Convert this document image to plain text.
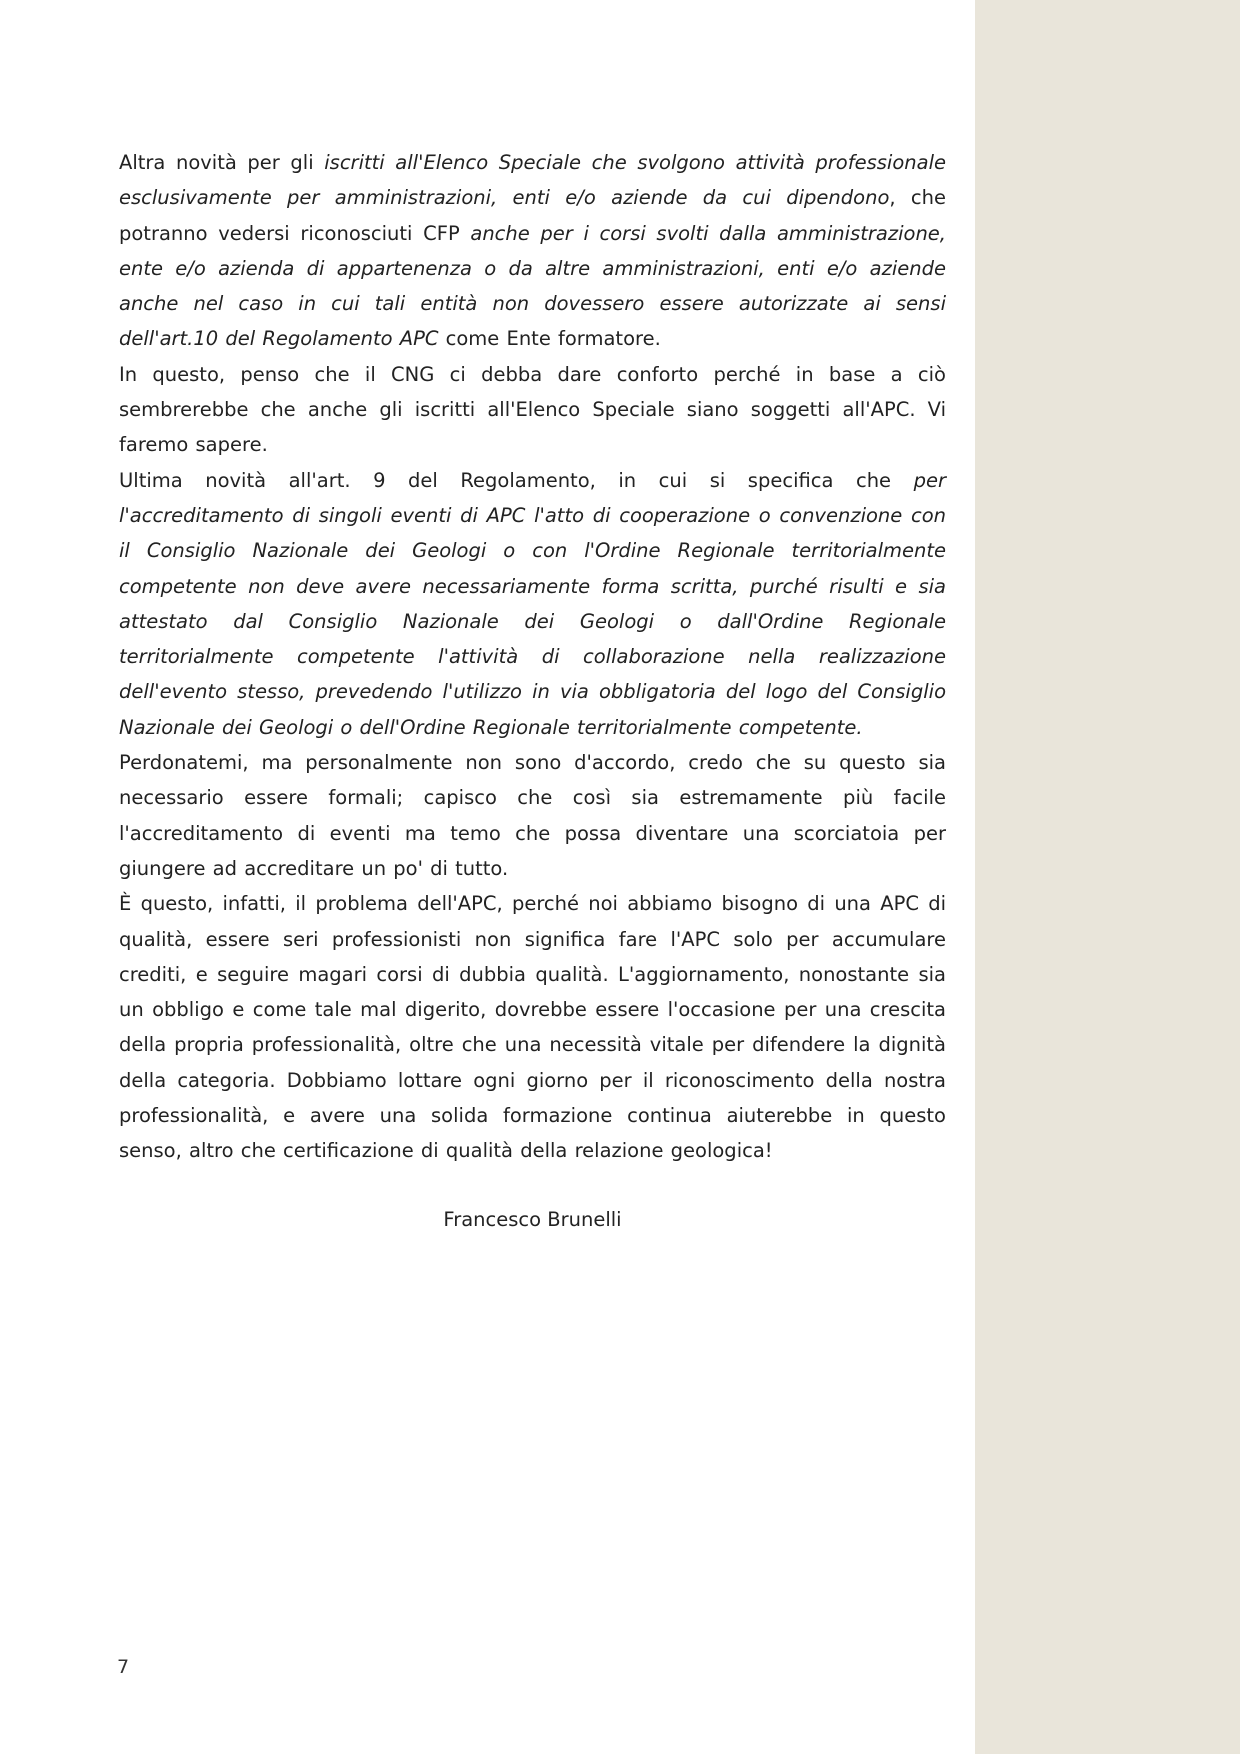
Altra novità per gli iscritti all'Elenco Speciale che svolgono attività professionale esclusivamente per amministrazioni, enti e/o aziende da cui dipendono, che potranno vedersi riconosciuti CFP anche per i corsi svolti dalla amministrazione, ente e/o azienda di appartenenza o da altre amministrazioni, enti e/o aziende anche nel caso in cui tali entità non dovessero essere autorizzate ai sensi dell'art.10 del Regolamento APC come Ente formatore.

In questo, penso che il CNG ci debba dare conforto perché in base a ciò sembrerebbe che anche gli iscritti all'Elenco Speciale siano soggetti all'APC. Vi faremo sapere.

Ultima novità all'art. 9 del Regolamento, in cui si specifica che per l'accreditamento di singoli eventi di APC l'atto di cooperazione o convenzione con il Consiglio Nazionale dei Geologi o con l'Ordine Regionale territorialmente competente non deve avere necessariamente forma scritta, purché risulti e sia attestato dal Consiglio Nazionale dei Geologi o dall'Ordine Regionale territorialmente competente l'attività di collaborazione nella realizzazione dell'evento stesso, prevedendo l'utilizzo in via obbligatoria del logo del Consiglio Nazionale dei Geologi o dell'Ordine Regionale territorialmente competente.

Perdonatemi, ma personalmente non sono d'accordo, credo che su questo sia necessario essere formali; capisco che così sia estremamente più facile l'accreditamento di eventi ma temo che possa diventare una scorciatoia per giungere ad accreditare un po' di tutto.

È questo, infatti, il problema dell'APC, perché noi abbiamo bisogno di una APC di qualità, essere seri professionisti non significa fare l'APC solo per accumulare crediti, e seguire magari corsi di dubbia qualità. L'aggiornamento, nonostante sia un obbligo e come tale mal digerito, dovrebbe essere l'occasione per una crescita della propria professionalità, oltre che una necessità vitale per difendere la dignità della categoria. Dobbiamo lottare ogni giorno per il riconoscimento della nostra professionalità, e avere una solida formazione continua aiuterebbe in questo senso, altro che certificazione di qualità della relazione geologica!

Francesco Brunelli
7
